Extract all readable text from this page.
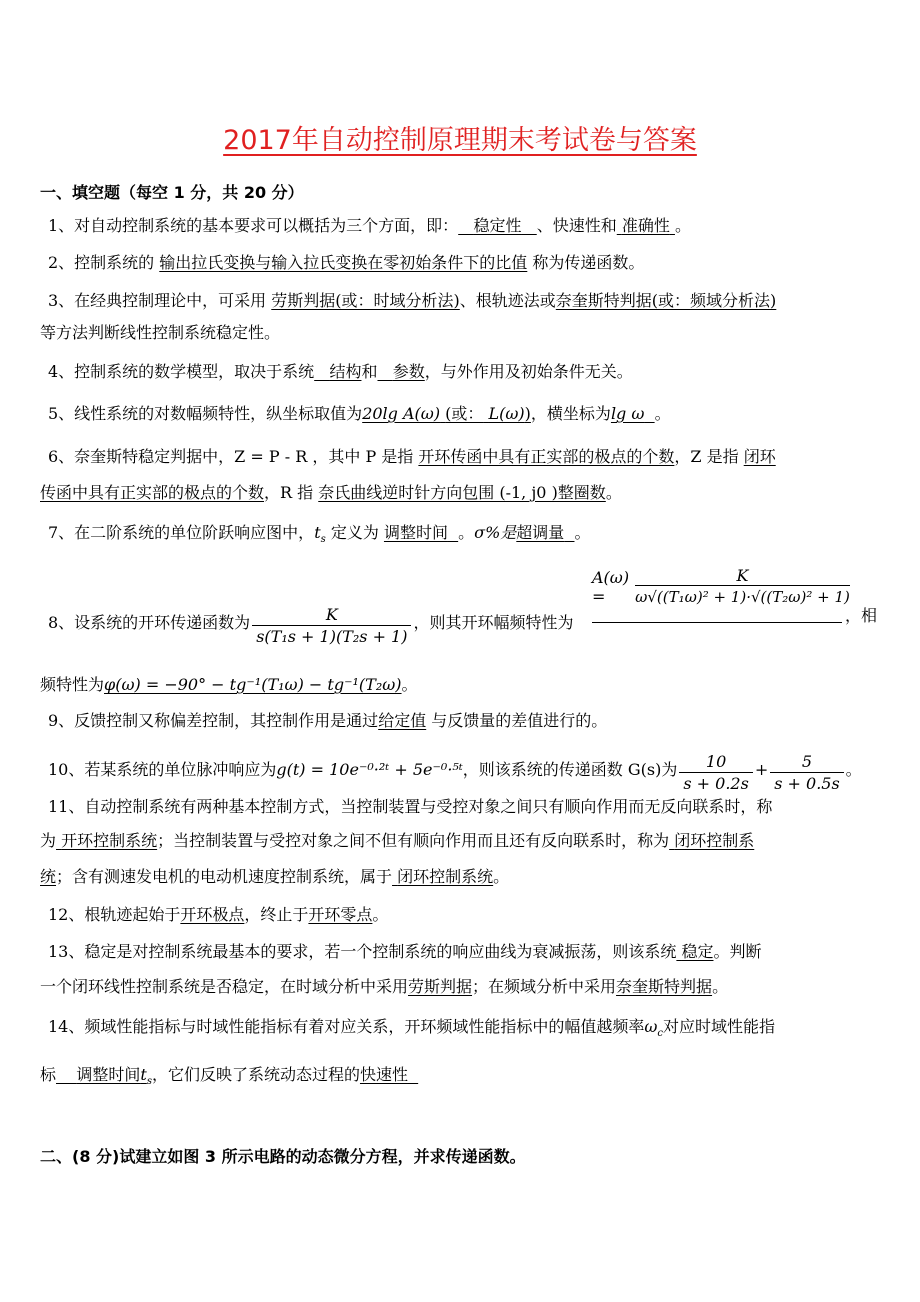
2017年自动控制原理期末考试卷与答案
一、填空题（每空 1 分，共 20 分）
1、对自动控制系统的基本要求可以概括为三个方面，即： 稳定性 、快速性和 准确性 。
2、控制系统的 输出拉氏变换与输入拉氏变换在零初始条件下的比值 称为传递函数。
3、在经典控制理论中，可采用 劳斯判据(或：时域分析法)、根轨迹法或奈奎斯特判据(或：频域分析法)
等方法判断线性控制系统稳定性。
4、控制系统的数学模型，取决于系统 结构和 参数，与外作用及初始条件无关。
5、线性系统的对数幅频特性，纵坐标取值为20lg A(ω) (或： L(ω))，横坐标为lg ω 。
6、奈奎斯特稳定判据中，Z = P - R ，其中 P 是指 开环传函中具有正实部的极点的个数，Z 是指 闭环
传函中具有正实部的极点的个数，R 指 奈氏曲线逆时针方向包围 (-1, j0 )整圈数。
7、在二阶系统的单位阶跃响应图中，$t_s$ 定义为 调整时间 。σ%是超调量 。
A(ω) =	$\frac{K}{\text{ω√((T₁ω)² + 1)·√((T₂ω)² + 1)}}$
8、设系统的开环传递函数为 $\frac{K}{\text{s(T₁s + 1)(T₂s + 1)}}$ ，则其开环幅频特性为	，相
频特性为φ(ω) = −90° − tg⁻¹(T₁ω) − tg⁻¹(T₂ω)。
9、反馈控制又称偏差控制，其控制作用是通过给定值 与反馈量的差值进行的。
10、若某系统的单位脉冲响应为g(t) = 10e⁻⁰·²ᵗ + 5e⁻⁰·⁵ᵗ，则该系统的传递函数 G(s)为 $\frac{10}{s + 0.2s} + \frac{5}{s + 0.5s}$ 。
11、自动控制系统有两种基本控制方式，当控制装置与受控对象之间只有顺向作用而无反向联系时，称
为 开环控制系统；当控制装置与受控对象之间不但有顺向作用而且还有反向联系时，称为 闭环控制系
统；含有测速发电机的电动机速度控制系统，属于 闭环控制系统。
12、根轨迹起始于开环极点，终止于开环零点。
13、稳定是对控制系统最基本的要求，若一个控制系统的响应曲线为衰减振荡，则该系统 稳定。判断
一个闭环线性控制系统是否稳定，在时域分析中采用劳斯判据；在频域分析中采用奈奎斯特判据。
14、频域性能指标与时域性能指标有着对应关系，开环频域性能指标中的幅值越频率$\omega_c$对应时域性能指
标 调整时间$t_s$，它们反映了系统动态过程的快速性
二、(8 分)试建立如图 3 所示电路的动态微分方程，并求传递函数。
